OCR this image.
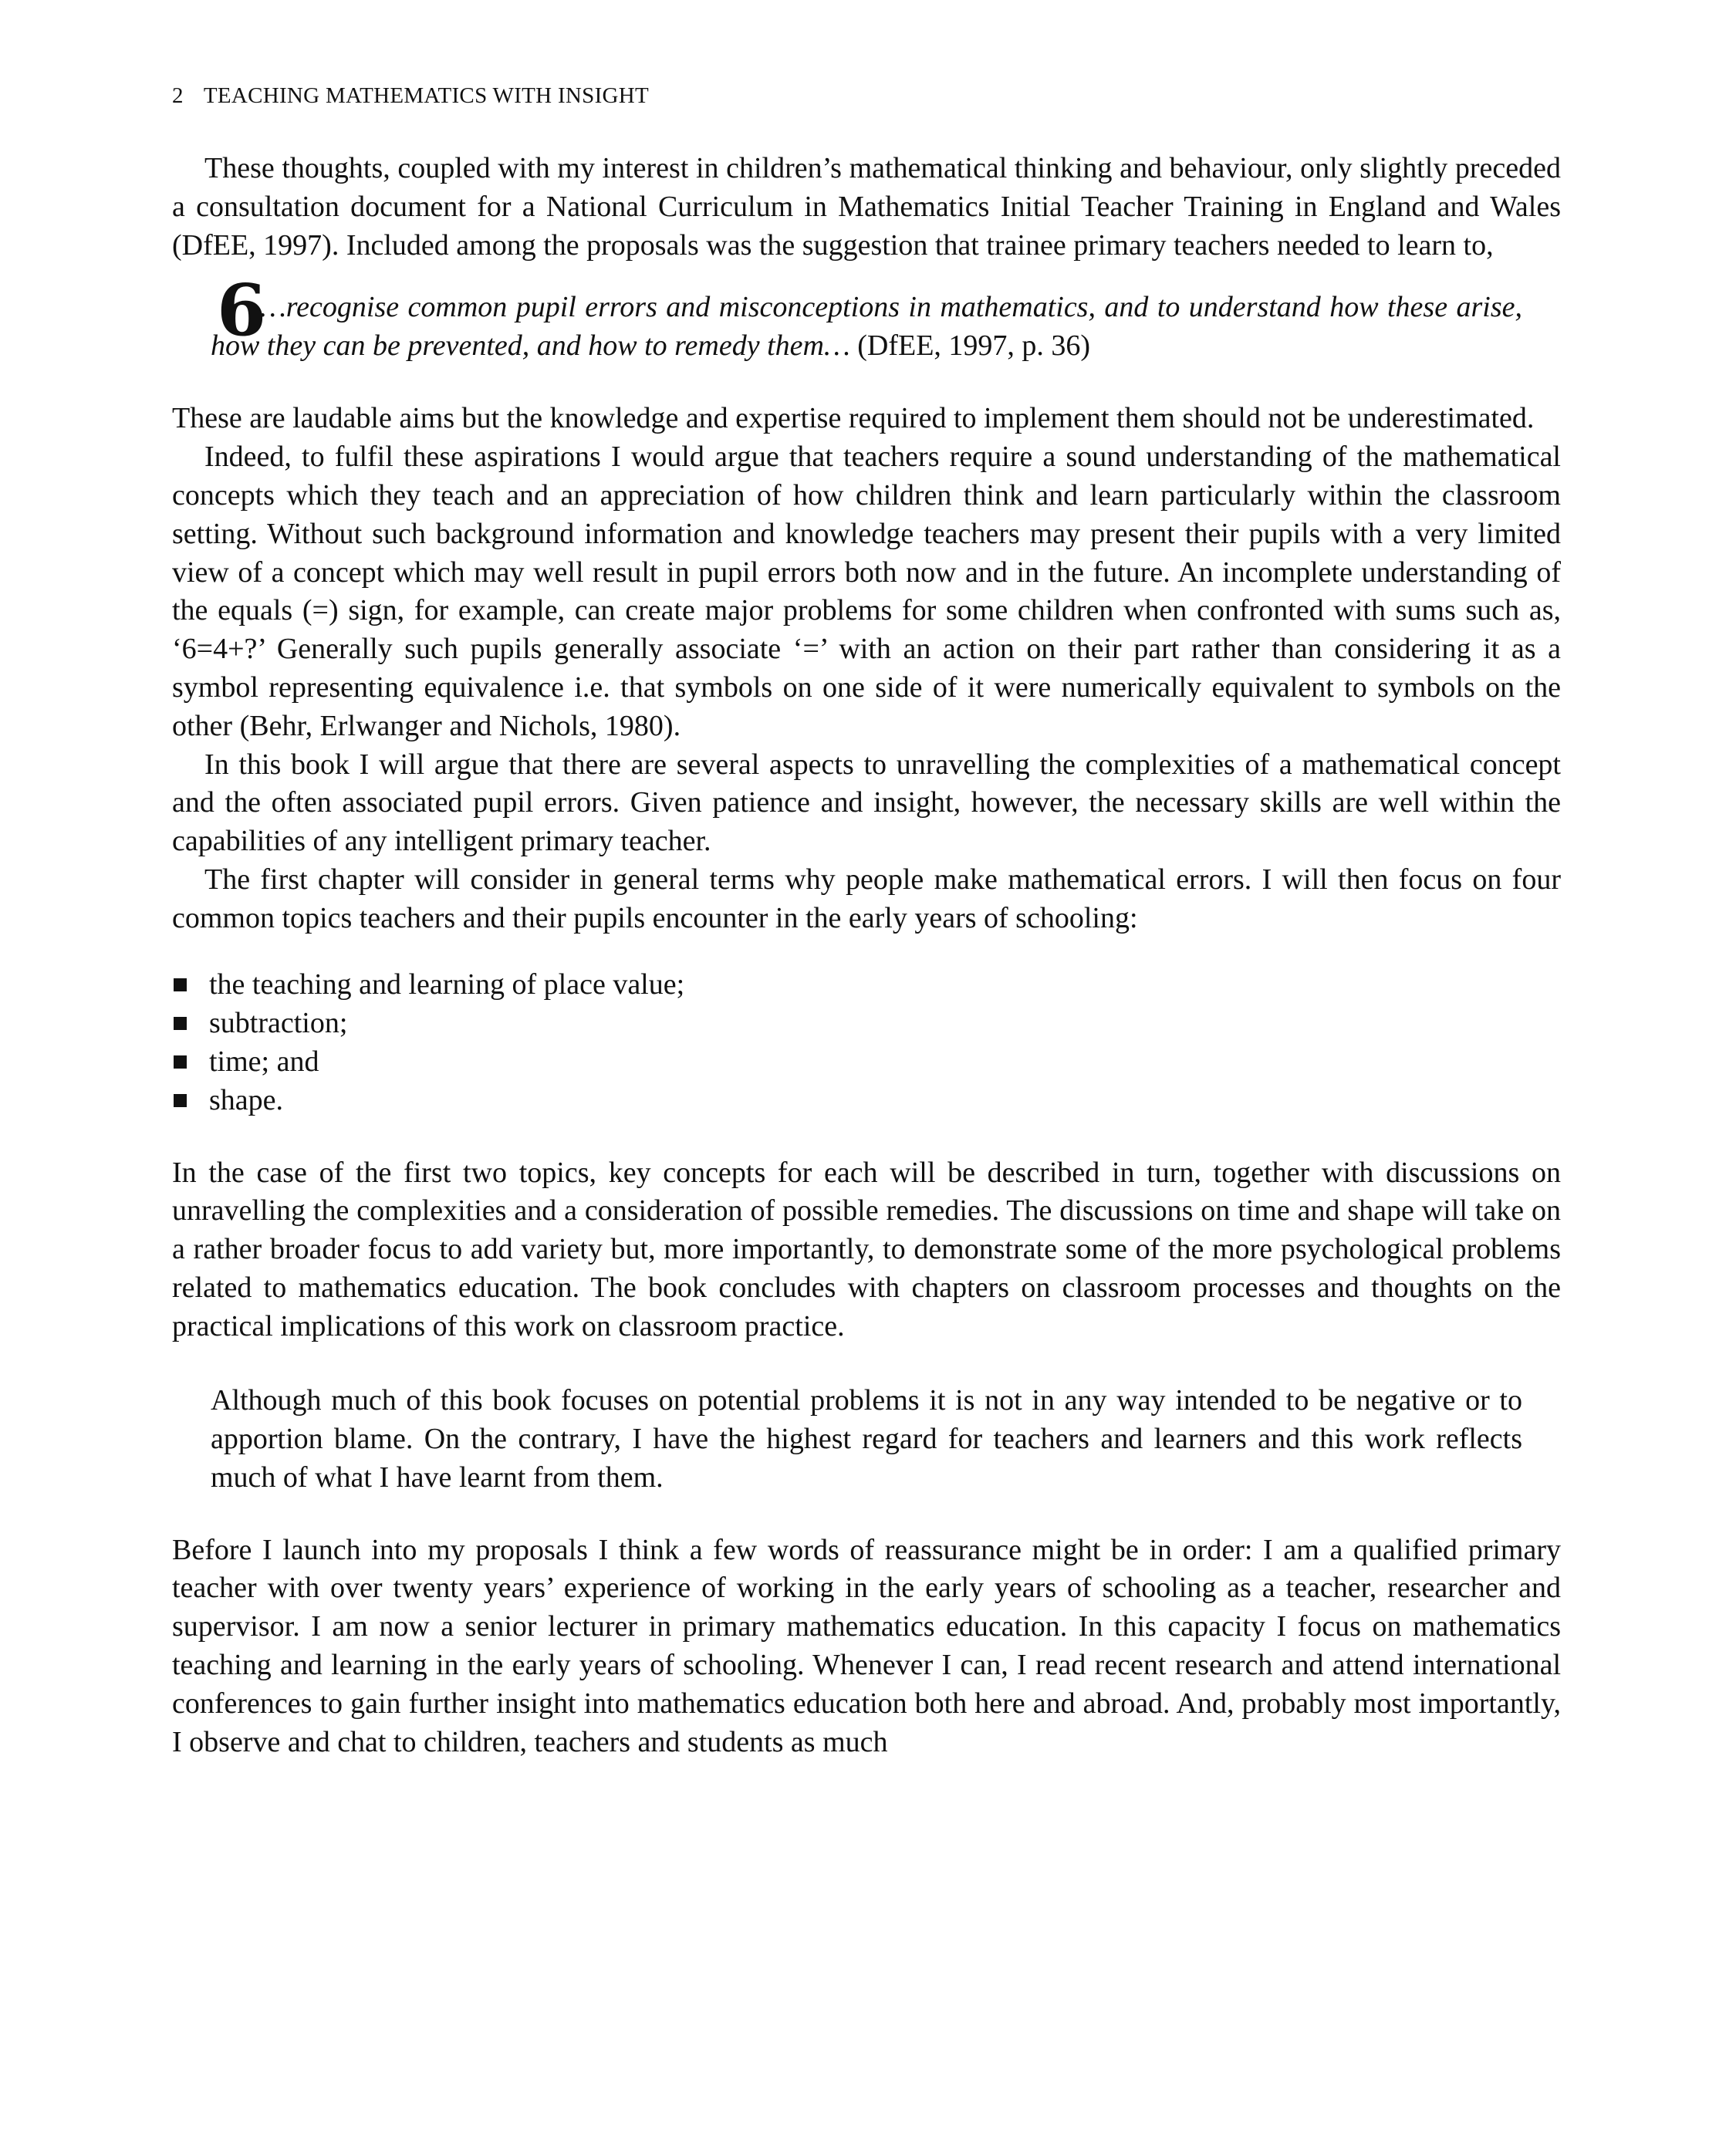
2 TEACHING MATHEMATICS WITH INSIGHT

These thoughts, coupled with my interest in children’s mathematical thinking and behaviour, only slightly preceded a consultation document for a National Curriculum in Mathematics Initial Teacher Training in England and Wales (DfEE, 1997). Included among the proposals was the suggestion that trainee primary teachers needed to learn to,

6
…recognise common pupil errors and misconceptions in mathematics, and to understand how these arise, how they can be prevented, and how to remedy them… (DfEE, 1997, p. 36)

These are laudable aims but the knowledge and expertise required to implement them should not be underestimated.

Indeed, to fulfil these aspirations I would argue that teachers require a sound understanding of the mathematical concepts which they teach and an appreciation of how children think and learn particularly within the classroom setting. Without such background information and knowledge teachers may present their pupils with a very limited view of a concept which may well result in pupil errors both now and in the future. An incomplete understanding of the equals (=) sign, for example, can create major problems for some children when confronted with sums such as, ‘6=4+?’ Generally such pupils generally associate ‘=’ with an action on their part rather than considering it as a symbol representing equivalence i.e. that symbols on one side of it were numerically equivalent to symbols on the other (Behr, Erlwanger and Nichols, 1980).

In this book I will argue that there are several aspects to unravelling the complexities of a mathematical concept and the often associated pupil errors. Given patience and insight, however, the necessary skills are well within the capabilities of any intelligent primary teacher.

The first chapter will consider in general terms why people make mathematical errors. I will then focus on four common topics teachers and their pupils encounter in the early years of schooling:

the teaching and learning of place value;
subtraction;
time; and
shape.

In the case of the first two topics, key concepts for each will be described in turn, together with discussions on unravelling the complexities and a consideration of possible remedies. The discussions on time and shape will take on a rather broader focus to add variety but, more importantly, to demonstrate some of the more psychological problems related to mathematics education. The book concludes with chapters on classroom processes and thoughts on the practical implications of this work on classroom practice.

Although much of this book focuses on potential problems it is not in any way intended to be negative or to apportion blame. On the contrary, I have the highest regard for teachers and learners and this work reflects much of what I have learnt from them.

Before I launch into my proposals I think a few words of reassurance might be in order: I am a qualified primary teacher with over twenty years’ experience of working in the early years of schooling as a teacher, researcher and supervisor. I am now a senior lecturer in primary mathematics education. In this capacity I focus on mathematics teaching and learning in the early years of schooling. Whenever I can, I read recent research and attend international conferences to gain further insight into mathematics education both here and abroad. And, probably most importantly, I observe and chat to children, teachers and students as much
